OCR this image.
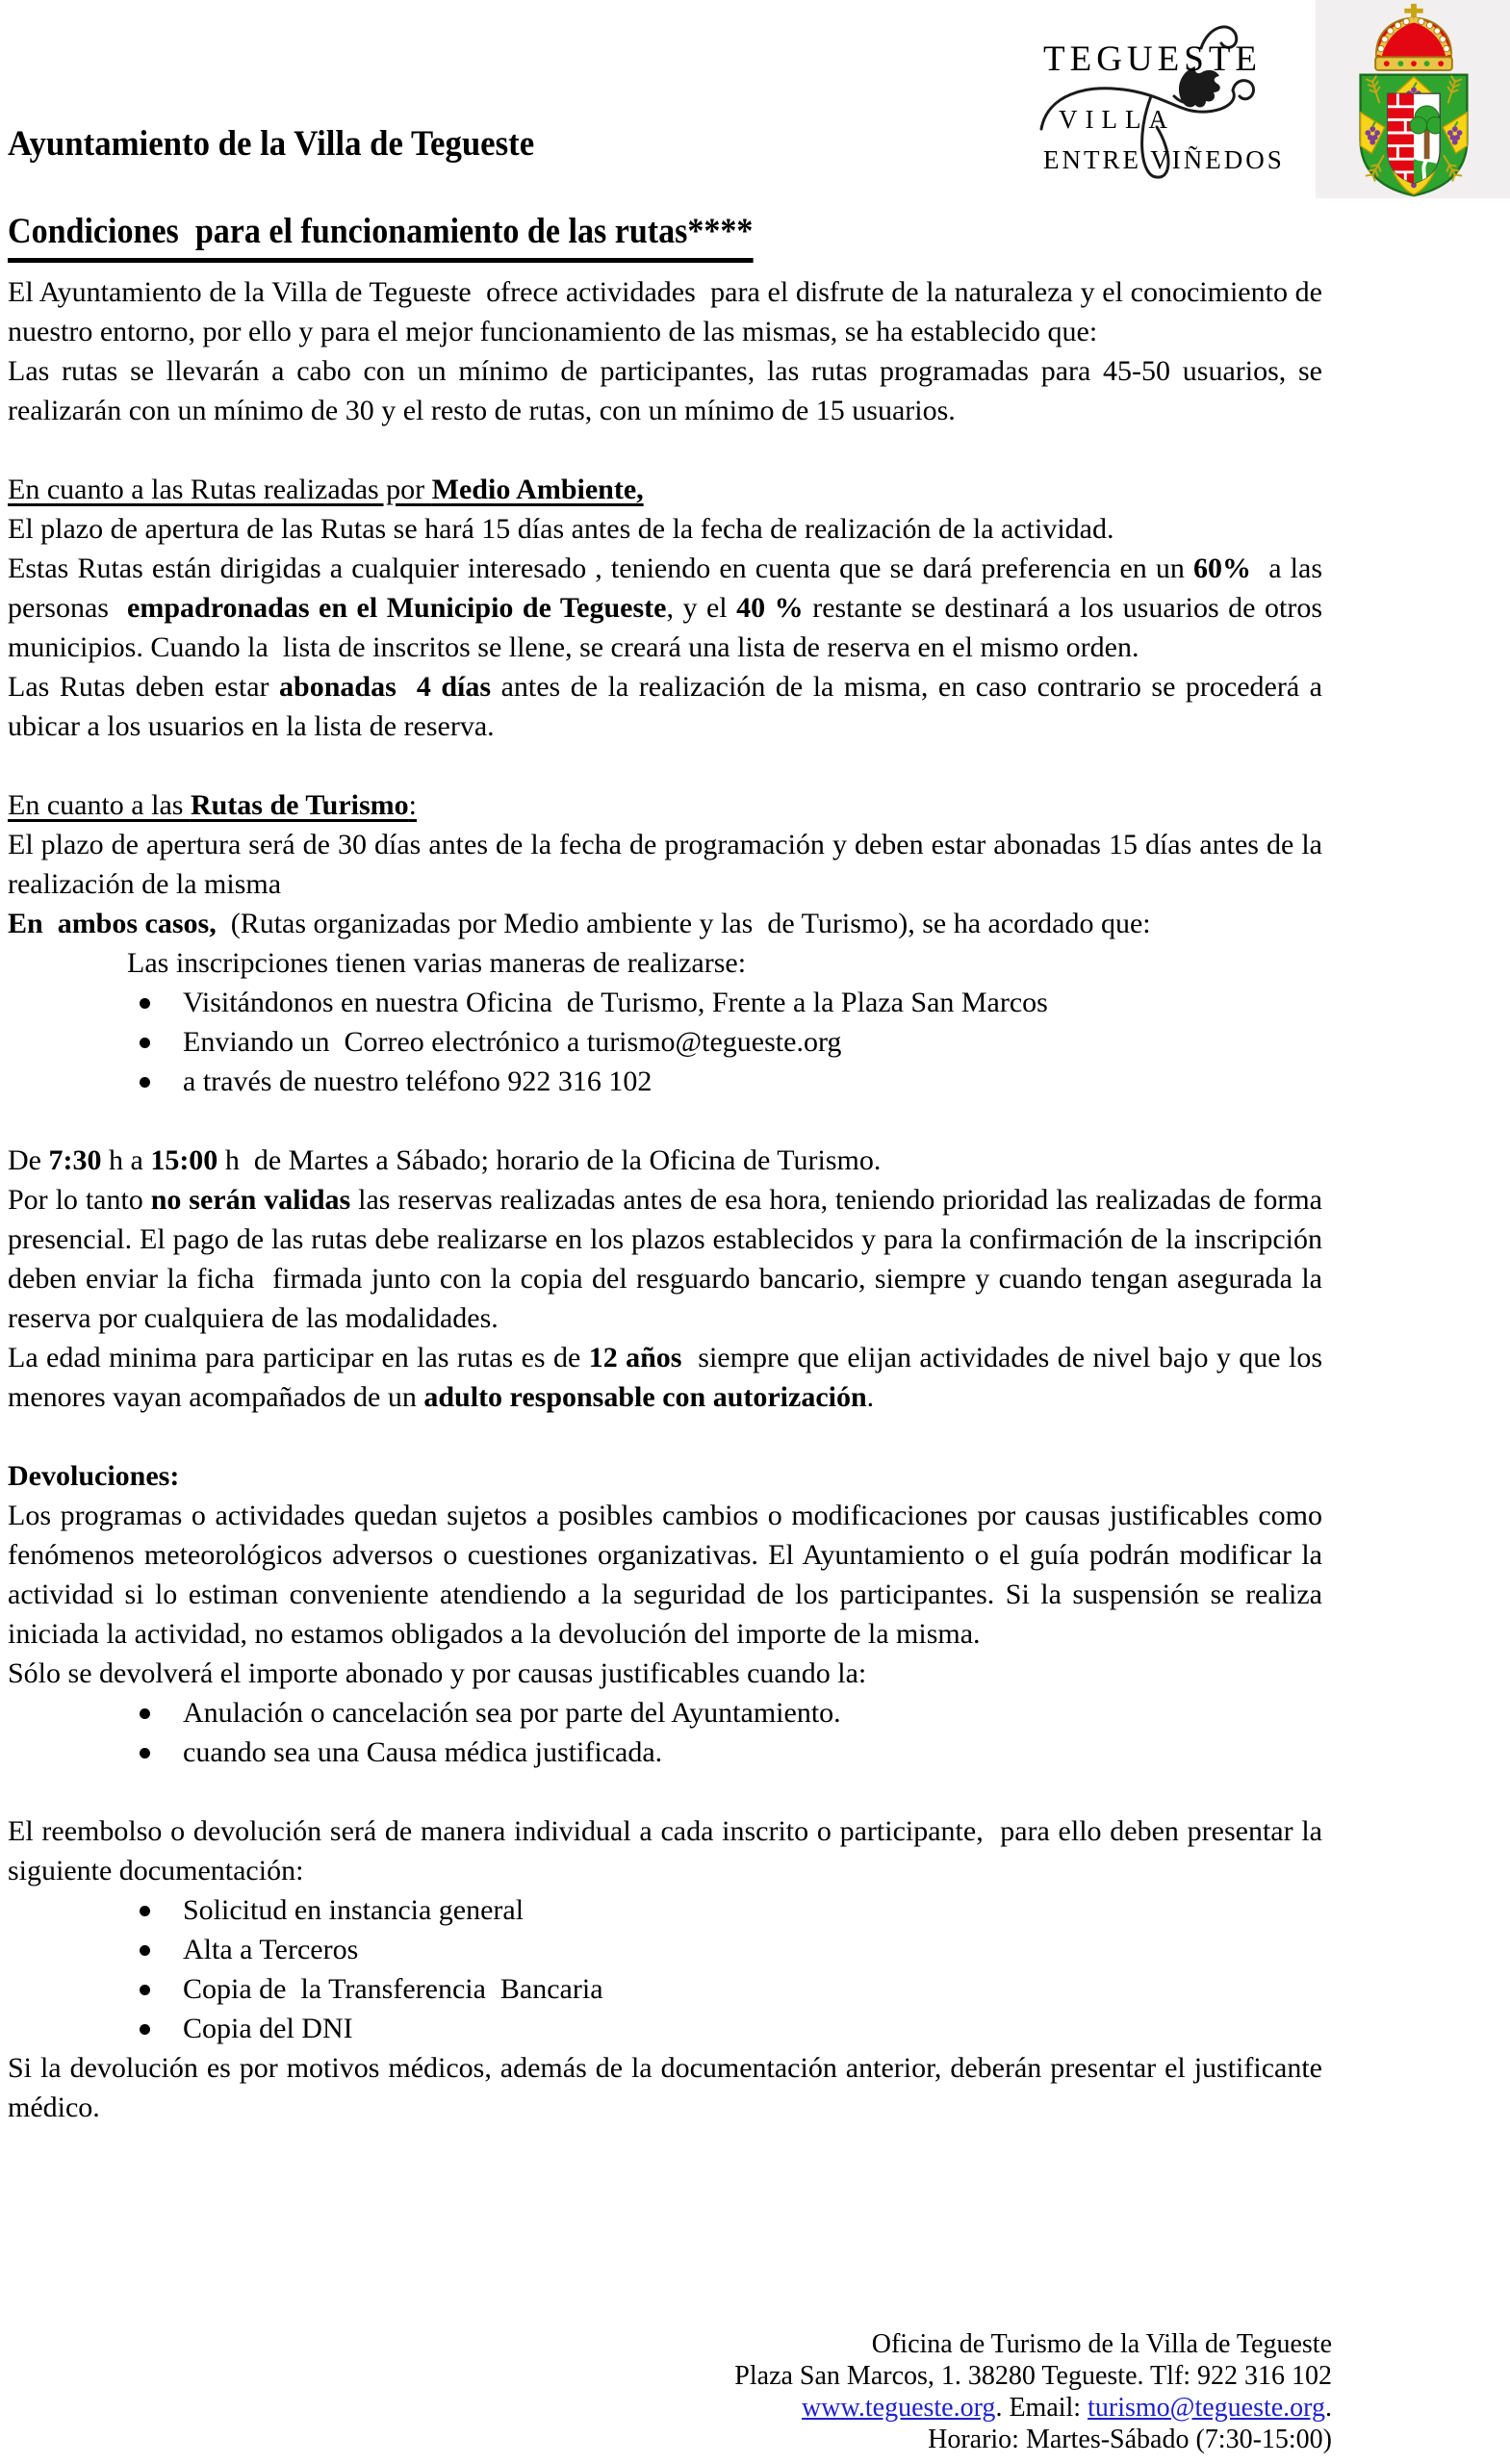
Ayuntamiento de la Villa de Tegueste
TEGUESTE
VILLA
ENTRE VIÑEDOS
Condiciones  para el funcionamiento de las rutas****

El Ayuntamiento de la Villa de Tegueste  ofrece actividades  para el disfrute de la naturaleza y el conocimiento de  nuestro entorno, por ello y para el mejor funcionamiento de las mismas, se ha establecido que:

Las rutas se llevarán a cabo con un mínimo de participantes, las rutas programadas para 45-50 usuarios, se realizarán con un mínimo de 30 y el resto de rutas, con un mínimo de 15 usuarios.

En cuanto a las Rutas realizadas por Medio Ambiente,

El plazo de apertura de las Rutas se hará 15 días antes de la fecha de realización de la actividad.

Estas Rutas están dirigidas a cualquier interesado , teniendo en cuenta que se dará preferencia en un 60%  a las personas  empadronadas en el Municipio de Tegueste, y el 40 % restante se destinará a los usuarios de otros municipios. Cuando la  lista de inscritos se llene, se creará una lista de reserva en el mismo orden.

Las Rutas deben estar abonadas  4 días antes de la realización de la misma, en caso contrario se procederá a ubicar a los usuarios en la lista de reserva.

En cuanto a las Rutas de Turismo:

El plazo de apertura será de 30 días antes de la fecha de programación y deben estar abonadas 15 días antes de la realización de la misma

En  ambos casos,  (Rutas organizadas por Medio ambiente y las  de Turismo), se ha acordado que:

Las inscripciones tienen varias maneras de realizarse:

Visitándonos en nuestra Oficina  de Turismo, Frente a la Plaza San Marcos
Enviando un  Correo electrónico a turismo@tegueste.org
a través de nuestro teléfono 922 316 102

De 7:30 h a 15:00 h  de Martes a Sábado; horario de la Oficina de Turismo.

Por lo tanto no serán validas las reservas realizadas antes de esa hora, teniendo prioridad las realizadas de forma presencial. El pago de las rutas debe realizarse en los plazos establecidos y para la confirmación de la inscripción deben enviar la ficha  firmada junto con la copia del resguardo bancario, siempre y cuando tengan asegurada la reserva por cualquiera de las modalidades.

La edad minima para participar en las rutas es de 12 años  siempre que elijan actividades de nivel bajo y que los menores vayan acompañados de un adulto responsable con autorización.

Devoluciones:

Los programas o actividades quedan sujetos a posibles cambios o modificaciones por causas justificables como fenómenos meteorológicos adversos o cuestiones organizativas. El Ayuntamiento o el guía podrán modificar la actividad si lo estiman conveniente atendiendo a la seguridad de los participantes. Si la suspensión se realiza iniciada la actividad, no estamos obligados a la devolución del importe de la misma.

Sólo se devolverá el importe abonado y por causas justificables cuando la:

Anulación o cancelación sea por parte del Ayuntamiento.
cuando sea una Causa médica justificada.

El reembolso o devolución será de manera individual a cada inscrito o participante,  para ello deben presentar la siguiente documentación:

Solicitud en instancia general
Alta a Terceros
Copia de  la Transferencia  Bancaria
Copia del DNI

Si la devolución es por motivos médicos, además de la documentación anterior, deberán presentar el justificante médico.

Oficina de Turismo de la Villa de Tegueste
Plaza San Marcos, 1. 38280 Tegueste. Tlf: 922 316 102
www.tegueste.org. Email: turismo@tegueste.org.
Horario: Martes-Sábado (7:30-15:00)
